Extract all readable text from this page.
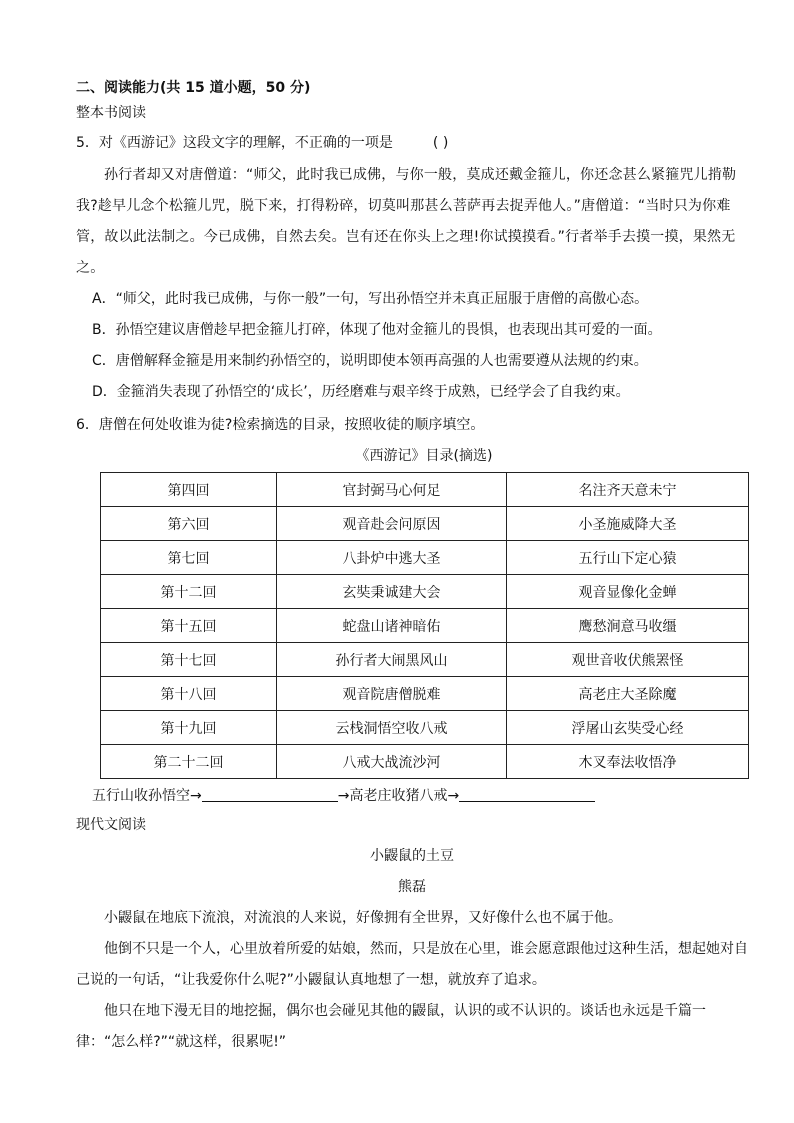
二、阅读能力(共 15 道小题，50 分)
整本书阅读
5．对《西游记》这段文字的理解，不正确的一项是	( )

孙行者却又对唐僧道：“师父，此时我已成佛，与你一般，莫成还戴金箍儿，你还念甚么紧箍咒儿掯勒我?趁早儿念个松箍儿咒，脱下来，打得粉碎，切莫叫那甚么菩萨再去捉弄他人。”唐僧道：“当时只为你难管，故以此法制之。今已成佛，自然去矣。岂有还在你头上之理!你试摸摸看。”行者举手去摸一摸，果然无之。

A．“师父，此时我已成佛，与你一般”一句，写出孙悟空并未真正屈服于唐僧的高傲心态。
B．孙悟空建议唐僧趁早把金箍儿打碎，体现了他对金箍儿的畏惧，也表现出其可爱的一面。
C．唐僧解释金箍是用来制约孙悟空的，说明即使本领再高强的人也需要遵从法规的约束。
D．金箍消失表现了孙悟空的‘成长’，历经磨难与艰辛终于成熟，已经学会了自我约束。
6．唐僧在何处收谁为徒?检索摘选的目录，按照收徒的顺序填空。
《西游记》目录(摘选)
第四回	官封弼马心何足	名注齐天意未宁
第六回	观音赴会问原因	小圣施威降大圣
第七回	八卦炉中逃大圣	五行山下定心猿
第十二回	玄奘秉诚建大会	观音显像化金蝉
第十五回	蛇盘山诸神暗佑	鹰愁涧意马收缰
第十七回	孙行者大闹黑风山	观世音收伏熊罴怪
第十八回	观音院唐僧脱难	高老庄大圣除魔
第十九回	云栈洞悟空收八戒	浮屠山玄奘受心经
第二十二回	八戒大战流沙河	木叉奉法收悟净
五行山收孙悟空→	→高老庄收猪八戒→
现代文阅读
小鼹鼠的土豆
熊磊

小鼹鼠在地底下流浪，对流浪的人来说，好像拥有全世界，又好像什么也不属于他。

他倒不只是一个人，心里放着所爱的姑娘，然而，只是放在心里，谁会愿意跟他过这种生活，想起她对自己说的一句话，“让我爱你什么呢?”小鼹鼠认真地想了一想，就放弃了追求。

他只在地下漫无目的地挖掘，偶尔也会碰见其他的鼹鼠，认识的或不认识的。谈话也永远是千篇一律：“怎么样?”“就这样，很累呢!”
